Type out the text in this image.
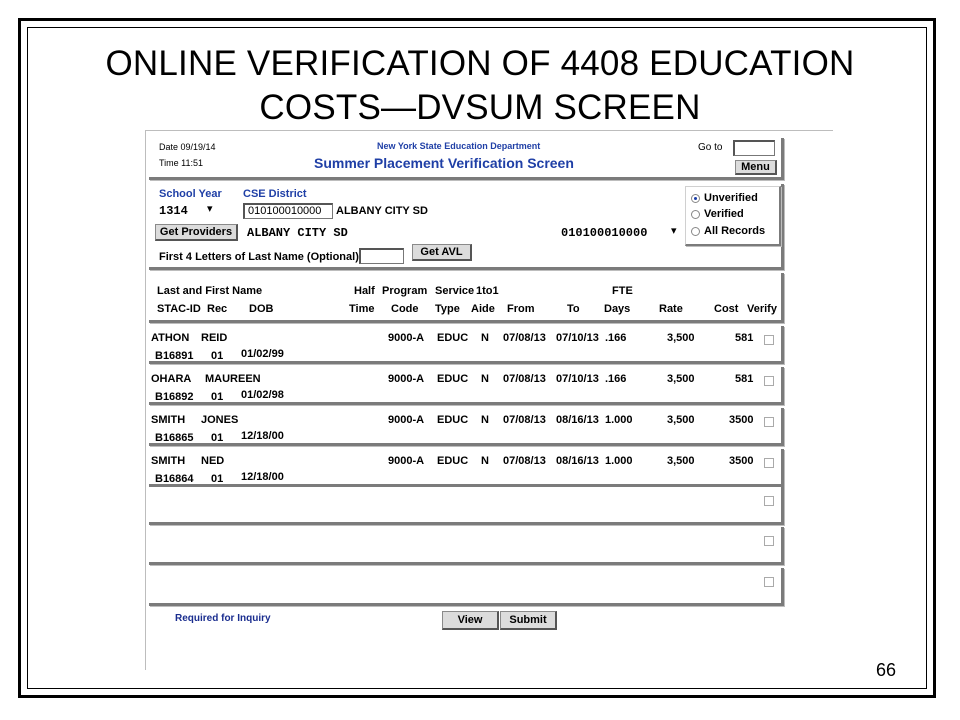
ONLINE VERIFICATION OF 4408 EDUCATION
COSTS—DVSUM SCREEN
Date 09/19/14
Time 11:51
New York State Education Department
Summer Placement Verification Screen
Go to
Menu
School Year CSE District
1314 ▾	010100010000	ALBANY CITY SD
Get Providers	ALBANY CITY SD	010100010000 ▾
First 4 Letters of Last Name (Optional)	Get AVL
Unverified
Verified
All Records
Last and First Name	Half Program Service 1to1	FTE
STAC-ID Rec DOB	Time Code Type Aide From	To Days	Rate	Cost Verify
ATHON REID	9000-A EDUC N 07/08/13 07/10/13 .166	3,500	581
B16891 01 01/02/99
OHARA MAUREEN	9000-A EDUC N 07/08/13 07/10/13 .166	3,500	581
B16892 01 01/02/98
SMITH JONES	9000-A EDUC N 07/08/13 08/16/13 1.000	3,500	3500
B16865 01 12/18/00
SMITH NED	9000-A EDUC N 07/08/13 08/16/13 1.000	3,500	3500
B16864 01 12/18/00
Required for Inquiry	View	Submit
66
